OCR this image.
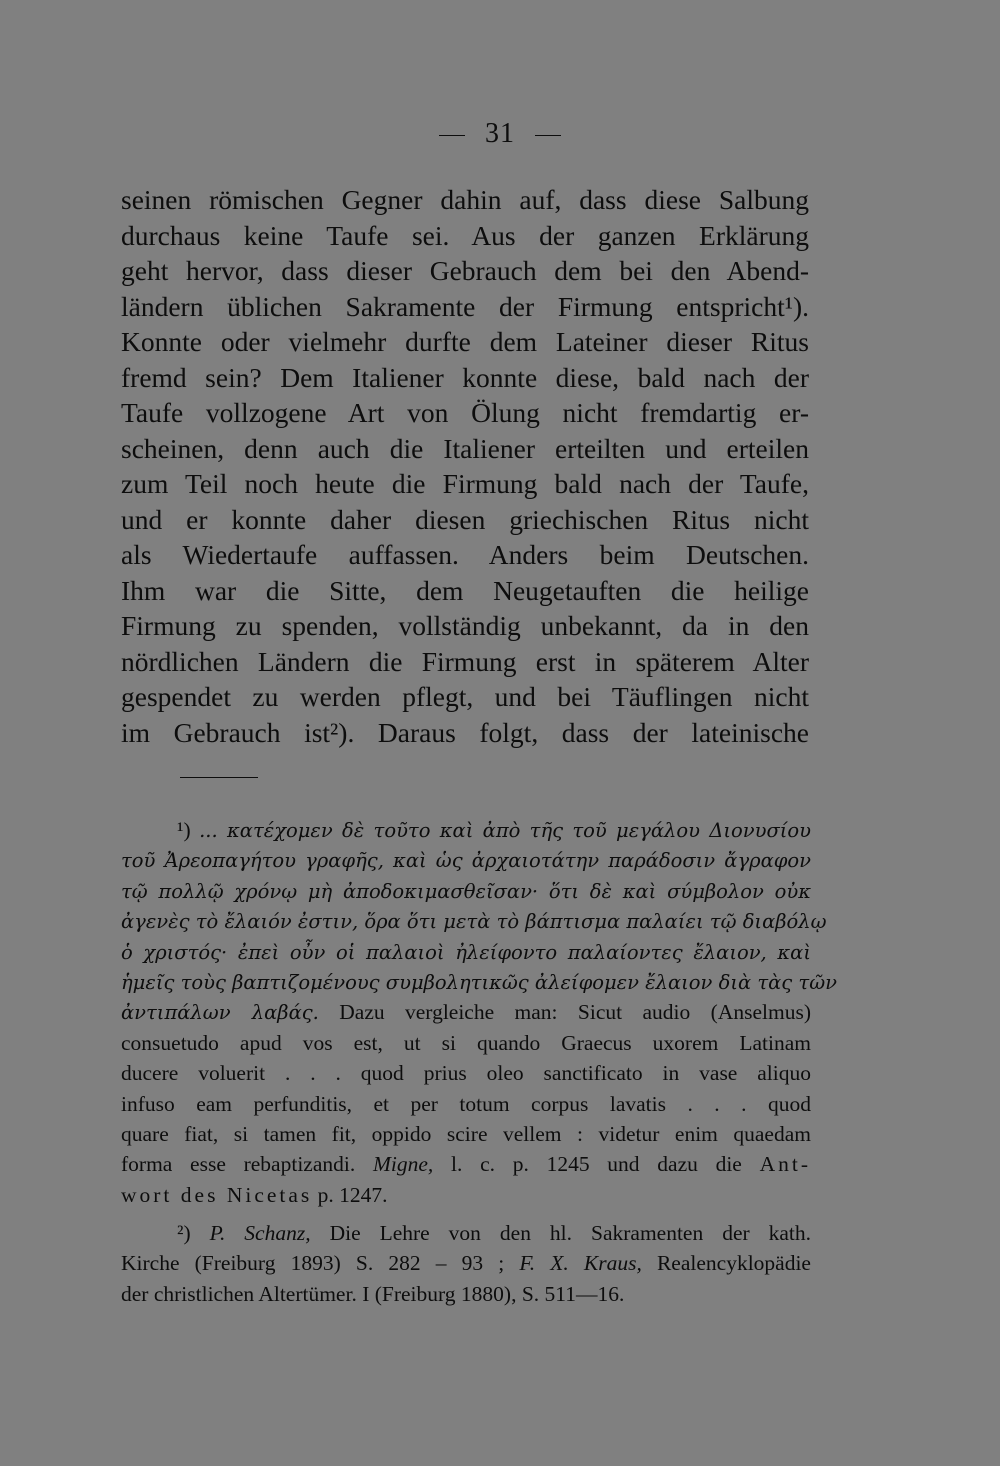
31
seinen römischen Gegner dahin auf, dass diese Salbung
durchaus keine Taufe sei. Aus der ganzen Erklärung
geht hervor, dass dieser Gebrauch dem bei den Abend-
ländern üblichen Sakramente der Firmung entspricht¹).
Konnte oder vielmehr durfte dem Lateiner dieser Ritus
fremd sein? Dem Italiener konnte diese, bald nach der
Taufe vollzogene Art von Ölung nicht fremdartig er-
scheinen, denn auch die Italiener erteilten und erteilen
zum Teil noch heute die Firmung bald nach der Taufe,
und er konnte daher diesen griechischen Ritus nicht
als Wiedertaufe auffassen. Anders beim Deutschen.
Ihm war die Sitte, dem Neugetauften die heilige
Firmung zu spenden, vollständig unbekannt, da in den
nördlichen Ländern die Firmung erst in späterem Alter
gespendet zu werden pflegt, und bei Täuflingen nicht
im Gebrauch ist²). Daraus folgt, dass der lateinische
¹) ... κατέχομεν δὲ τοῦτο καὶ ἀπὸ τῆς τοῦ μεγάλου Διονυσίου
τοῦ Ἀρεοπαγήτου γραφῆς, καὶ ὡς ἀρχαιοτάτην παράδοσιν ἄγραφον
τῷ πολλῷ χρόνῳ μὴ ἀποδοκιμασθεῖσαν· ὅτι δὲ καὶ σύμβολον οὐκ
ἀγενὲς τὸ ἔλαιόν ἐστιν, ὅρα ὅτι μετὰ τὸ βάπτισμα παλαίει τῷ διαβόλῳ
ὁ χριστός· ἐπεὶ οὖν οἱ παλαιοὶ ἠλείφοντο παλαίοντες ἔλαιον, καὶ
ἡμεῖς τοὺς βαπτιζομένους συμβολητικῶς ἀλείφομεν ἔλαιον διὰ τὰς τῶν
ἀντιπάλων λαβάς. Dazu vergleiche man: Sicut audio (Anselmus)
consuetudo apud vos est, ut si quando Graecus uxorem Latinam
ducere voluerit . . . quod prius oleo sanctificato in vase aliquo
infuso eam perfunditis, et per totum corpus lavatis . . . quod
quare fiat, si tamen fit, oppido scire vellem : videtur enim quaedam
forma esse rebaptizandi. Migne, l. c. p. 1245 und dazu die Ant-
wort des Nicetas p. 1247.
²) P. Schanz, Die Lehre von den hl. Sakramenten der kath.
Kirche (Freiburg 1893) S. 282 – 93 ; F. X. Kraus, Realencyklopädie
der christlichen Altertümer. I (Freiburg 1880), S. 511—16.
